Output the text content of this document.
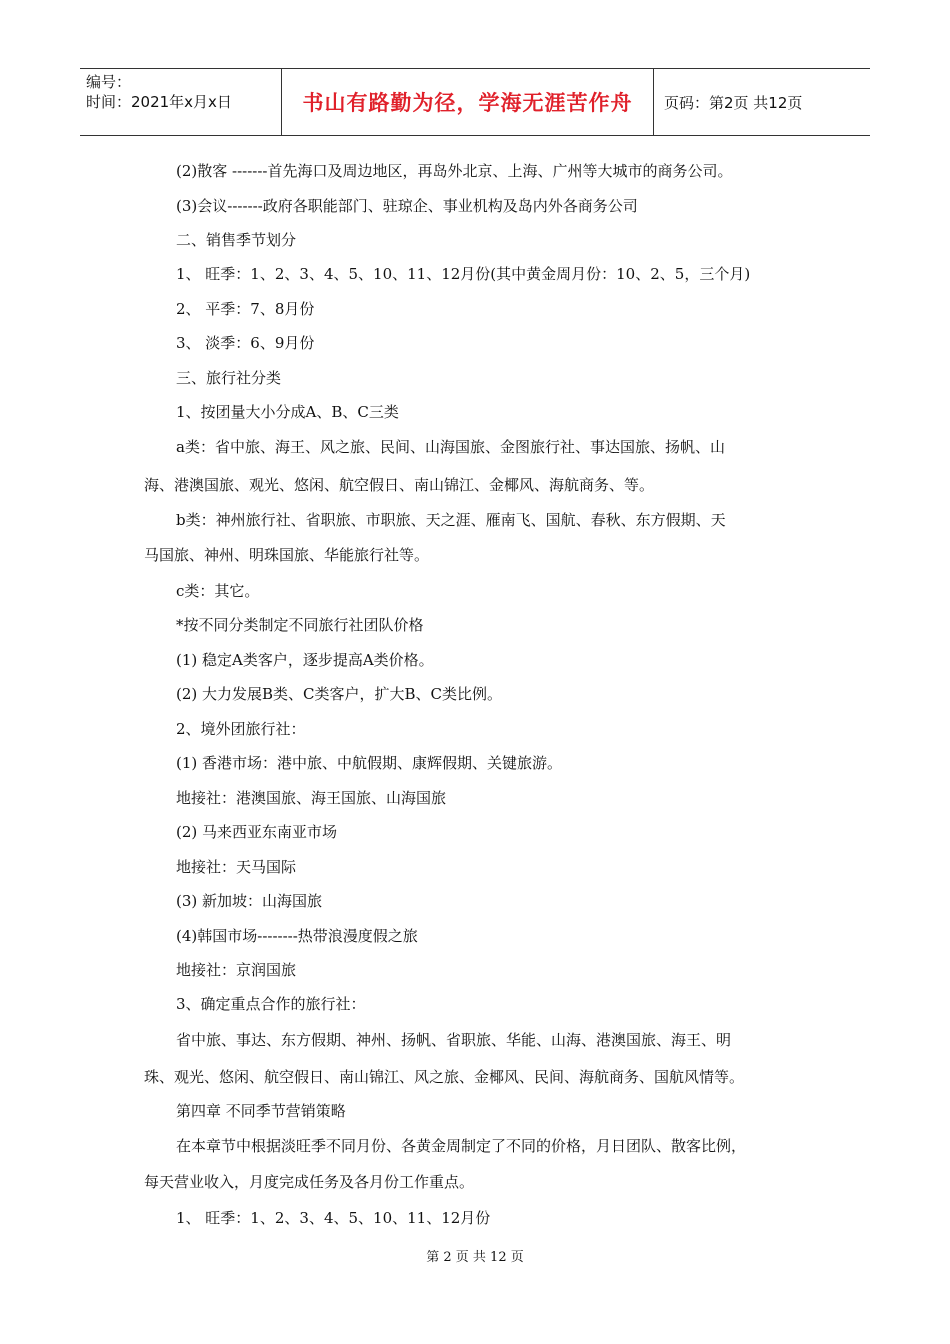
编号：
时间：2021年x月x日	书山有路勤为径，学海无涯苦作舟 页码：第2页 共12页
(2)散客 -------首先海口及周边地区，再岛外北京、上海、广州等大城市的商务公司。
(3)会议-------政府各职能部门、驻琼企、事业机构及岛内外各商务公司
二、销售季节划分
1、 旺季：1、2、3、4、5、10、11、12月份(其中黄金周月份：10、2、5，三个月)
2、 平季：7、8月份
3、 淡季：6、9月份
三、旅行社分类
1、按团量大小分成A、B、C三类
a类：省中旅、海王、风之旅、民间、山海国旅、金图旅行社、事达国旅、扬帆、山
海、港澳国旅、观光、悠闲、航空假日、南山锦江、金椰风、海航商务、等。
b类：神州旅行社、省职旅、市职旅、天之涯、雁南飞、国航、春秋、东方假期、天
马国旅、神州、明珠国旅、华能旅行社等。
c类：其它。
*按不同分类制定不同旅行社团队价格
(1) 稳定A类客户，逐步提高A类价格。
(2) 大力发展B类、C类客户，扩大B、C类比例。
2、境外团旅行社：
(1) 香港市场：港中旅、中航假期、康辉假期、关键旅游。
地接社：港澳国旅、海王国旅、山海国旅
(2) 马来西亚东南亚市场
地接社：天马国际
(3) 新加坡：山海国旅
(4)韩国市场--------热带浪漫度假之旅
地接社：京润国旅
3、确定重点合作的旅行社：
省中旅、事达、东方假期、神州、扬帆、省职旅、华能、山海、港澳国旅、海王、明
珠、观光、悠闲、航空假日、南山锦江、风之旅、金椰风、民间、海航商务、国航风情等。
第四章 不同季节营销策略
在本章节中根据淡旺季不同月份、各黄金周制定了不同的价格，月日团队、散客比例，
每天营业收入，月度完成任务及各月份工作重点。
1、 旺季：1、2、3、4、5、10、11、12月份
第 2 页 共 12 页
